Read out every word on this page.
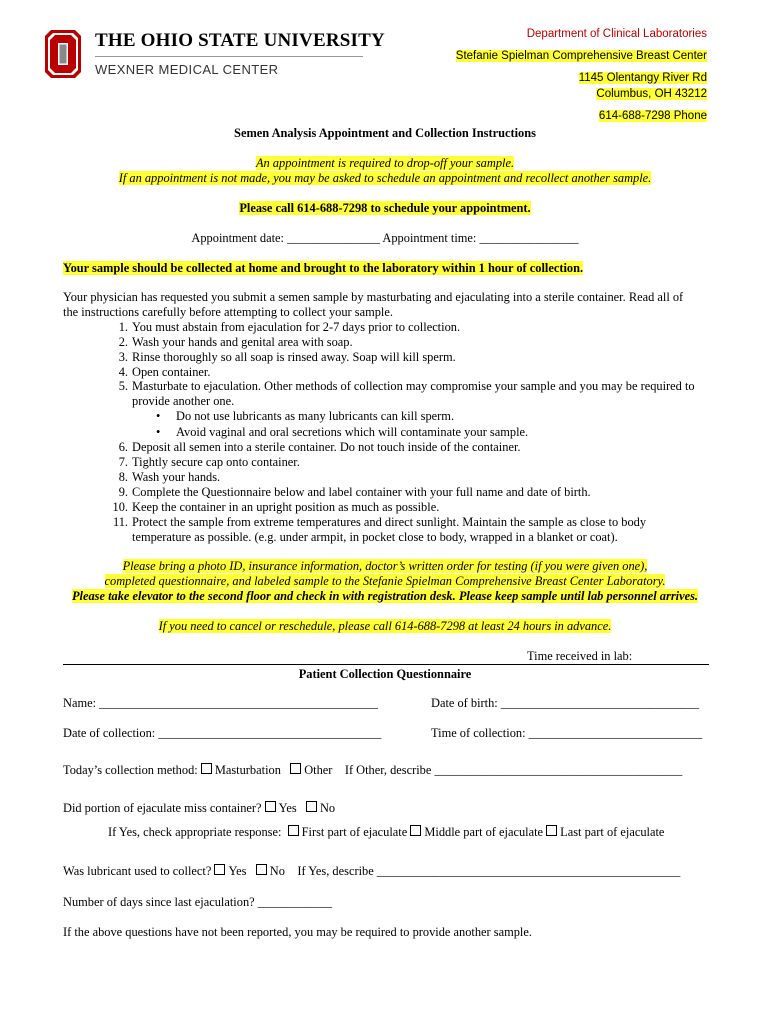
THE OHIO STATE UNIVERSITY
WEXNER MEDICAL CENTER
Department of Clinical Laboratories
Stefanie Spielman Comprehensive Breast Center
1145 Olentangy River Rd
Columbus, OH 43212
614-688-7298 Phone
Semen Analysis Appointment and Collection Instructions
An appointment is required to drop-off your sample.
If an appointment is not made, you may be asked to schedule an appointment and recollect another sample.
Please call 614-688-7298 to schedule your appointment.
Appointment date: _______________ Appointment time: ________________
Your sample should be collected at home and brought to the laboratory within 1 hour of collection.
Your physician has requested you submit a semen sample by masturbating and ejaculating into a sterile container. Read all of
the instructions carefully before attempting to collect your sample.
1. You must abstain from ejaculation for 2-7 days prior to collection.
2. Wash your hands and genital area with soap.
3. Rinse thoroughly so all soap is rinsed away. Soap will kill sperm.
4. Open container.
5. Masturbate to ejaculation. Other methods of collection may compromise your sample and you may be required to
provide another one.
• Do not use lubricants as many lubricants can kill sperm.
• Avoid vaginal and oral secretions which will contaminate your sample.
6. Deposit all semen into a sterile container. Do not touch inside of the container.
7. Tightly secure cap onto container.
8. Wash your hands.
9. Complete the Questionnaire below and label container with your full name and date of birth.
10. Keep the container in an upright position as much as possible.
11. Protect the sample from extreme temperatures and direct sunlight. Maintain the sample as close to body
temperature as possible. (e.g. under armpit, in pocket close to body, wrapped in a blanket or coat).
Please bring a photo ID, insurance information, doctor’s written order for testing (if you were given one),
completed questionnaire, and labeled sample to the Stefanie Spielman Comprehensive Breast Center Laboratory.
Please take elevator to the second floor and check in with registration desk. Please keep sample until lab personnel arrives.
If you need to cancel or reschedule, please call 614-688-7298 at least 24 hours in advance.
Time received in lab:
Patient Collection Questionnaire
Name: _____________________________________________	Date of birth: ________________________________
Date of collection: ____________________________________	Time of collection: ____________________________
Today’s collection method: Masturbation Other If Other, describe ________________________________________
Did portion of ejaculate miss container? Yes No
If Yes, check appropriate response: First part of ejaculate Middle part of ejaculate Last part of ejaculate
Was lubricant used to collect? Yes No If Yes, describe _________________________________________________
Number of days since last ejaculation? ____________
If the above questions have not been reported, you may be required to provide another sample.
